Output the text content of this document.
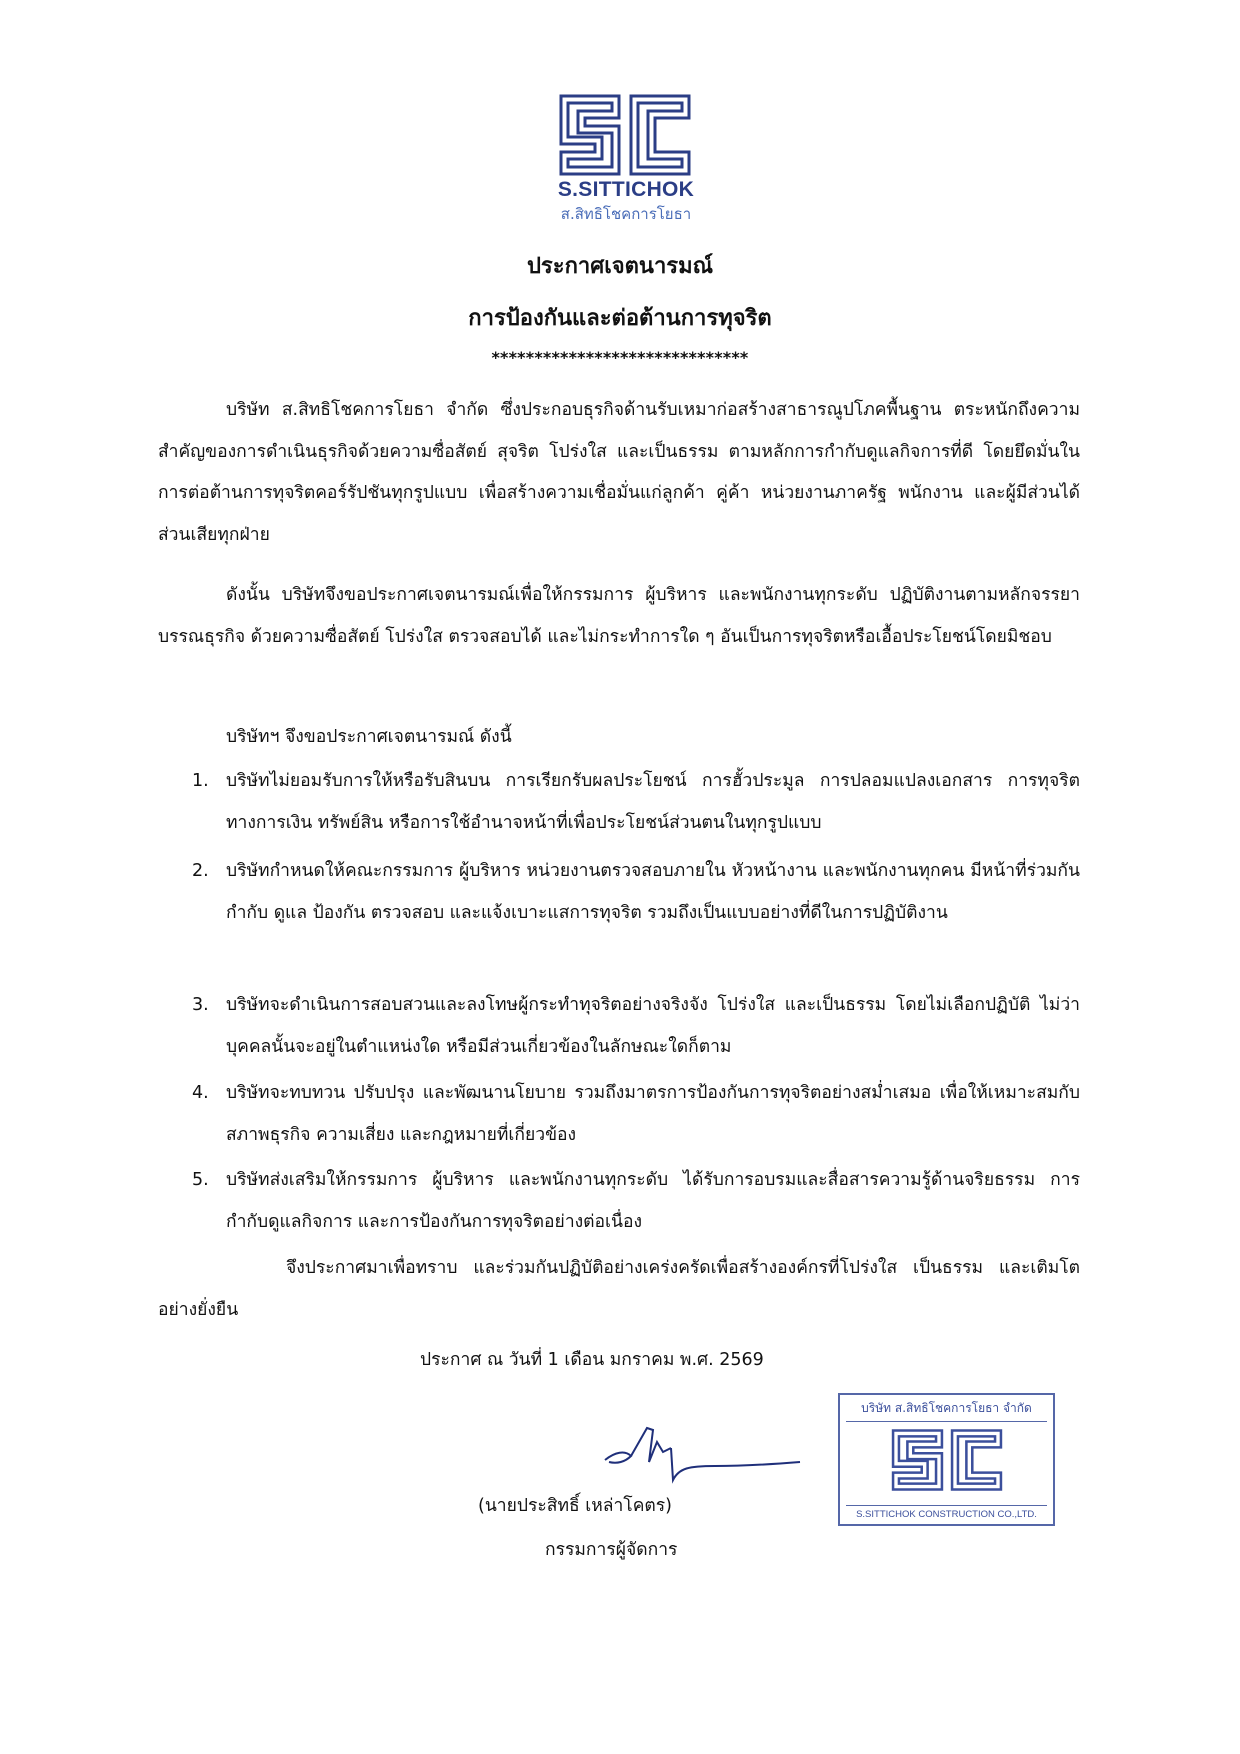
S.SITTICHOK
ส.สิทธิโชคการโยธา
ประกาศเจตนารมณ์
การป้องกันและต่อต้านการทุจริต
******************************
บริษัท ส.สิทธิโชคการโยธา จำกัด ซึ่งประกอบธุรกิจด้านรับเหมาก่อสร้างสาธารณูปโภคพื้นฐาน ตระหนักถึงความสำคัญของการดำเนินธุรกิจด้วยความซื่อสัตย์ สุจริต โปร่งใส และเป็นธรรม ตามหลักการกำกับดูแลกิจการที่ดี โดยยึดมั่นในการต่อต้านการทุจริตคอร์รัปชันทุกรูปแบบ เพื่อสร้างความเชื่อมั่นแก่ลูกค้า คู่ค้า หน่วยงานภาครัฐ พนักงาน และผู้มีส่วนได้ส่วนเสียทุกฝ่าย
ดังนั้น บริษัทจึงขอประกาศเจตนารมณ์เพื่อให้กรรมการ ผู้บริหาร และพนักงานทุกระดับ ปฏิบัติงานตามหลักจรรยาบรรณธุรกิจ ด้วยความซื่อสัตย์ โปร่งใส ตรวจสอบได้ และไม่กระทำการใด ๆ อันเป็นการทุจริตหรือเอื้อประโยชน์โดยมิชอบ
บริษัทฯ จึงขอประกาศเจตนารมณ์ ดังนี้
1. บริษัทไม่ยอมรับการให้หรือรับสินบน การเรียกรับผลประโยชน์ การฮั้วประมูล การปลอมแปลงเอกสาร การทุจริตทางการเงิน ทรัพย์สิน หรือการใช้อำนาจหน้าที่เพื่อประโยชน์ส่วนตนในทุกรูปแบบ
2. บริษัทกำหนดให้คณะกรรมการ ผู้บริหาร หน่วยงานตรวจสอบภายใน หัวหน้างาน และพนักงานทุกคน มีหน้าที่ร่วมกันกำกับ ดูแล ป้องกัน ตรวจสอบ และแจ้งเบาะแสการทุจริต รวมถึงเป็นแบบอย่างที่ดีในการปฏิบัติงาน
3. บริษัทจะดำเนินการสอบสวนและลงโทษผู้กระทำทุจริตอย่างจริงจัง โปร่งใส และเป็นธรรม โดยไม่เลือกปฏิบัติ ไม่ว่าบุคคลนั้นจะอยู่ในตำแหน่งใด หรือมีส่วนเกี่ยวข้องในลักษณะใดก็ตาม
4. บริษัทจะทบทวน ปรับปรุง และพัฒนานโยบาย รวมถึงมาตรการป้องกันการทุจริตอย่างสม่ำเสมอ เพื่อให้เหมาะสมกับสภาพธุรกิจ ความเสี่ยง และกฎหมายที่เกี่ยวข้อง
5. บริษัทส่งเสริมให้กรรมการ ผู้บริหาร และพนักงานทุกระดับ ได้รับการอบรมและสื่อสารความรู้ด้านจริยธรรม การกำกับดูแลกิจการ และการป้องกันการทุจริตอย่างต่อเนื่อง
จึงประกาศมาเพื่อทราบ และร่วมกันปฏิบัติอย่างเคร่งครัดเพื่อสร้างองค์กรที่โปร่งใส เป็นธรรม และเติมโตอย่างยั่งยืน
ประกาศ ณ วันที่ 1 เดือน มกราคม พ.ศ. 2569
(นายประสิทธิ์ เหล่าโคตร)
กรรมการผู้จัดการ
บริษัท ส.สิทธิโชคการโยธา จำกัด
S.SITTICHOK CONSTRUCTION CO.,LTD.
